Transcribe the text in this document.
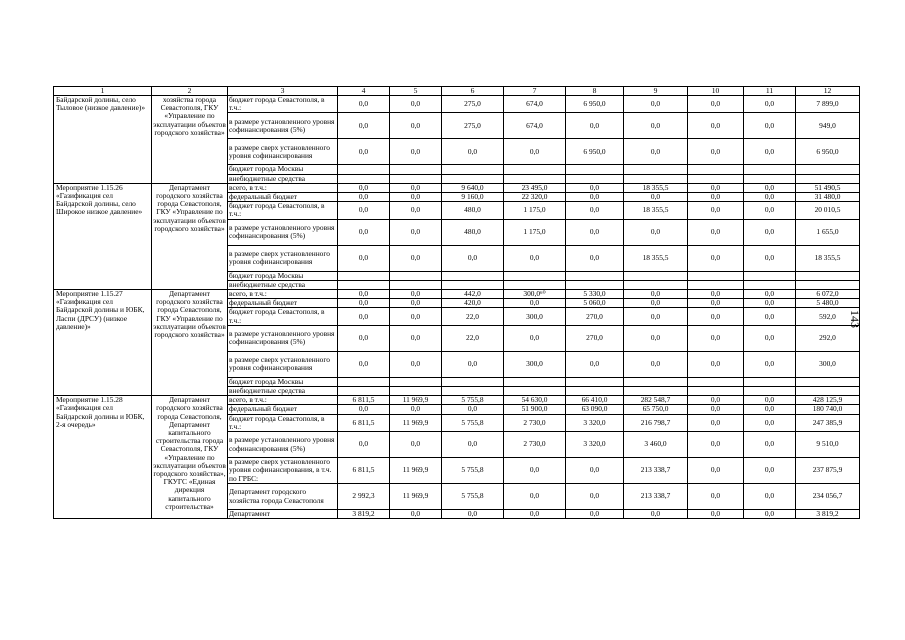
1	2	3	4	5	6	7	8	9	10	11	12
Байдарской долины, село Тыловое (низкое давление)»	хозяйства города Севастополя, ГКУ «Управление по эксплуатации объектов городского хозяйства»	бюджет города Севастополя, в т.ч.:	0,0	0,0	275,0	674,0	6 950,0	0,0	0,0	0,0	7 899,0
		в размере установленного уровня софинансирования (5%)	0,0	0,0	275,0	674,0	0,0	0,0	0,0	0,0	949,0
		в размере сверх установленного уровня софинансирования	0,0	0,0	0,0	0,0	6 950,0	0,0	0,0	0,0	6 950,0
		бюджет города Москвы									
		внебюджетные средства									
Мероприятие 1.15.26 «Газификация сел Байдарской долины, село Широкое низкое давление»	Департамент городского хозяйства города Севастополя, ГКУ «Управление по эксплуатации объектов городского хозяйства»	всего, в т.ч.:	0,0	0,0	9 640,0	23 495,0	0,0	18 355,5	0,0	0,0	51 490,5
		федеральный бюджет	0,0	0,0	9 160,0	22 320,0	0,0	0,0	0,0	0,0	31 480,0
		бюджет города Севастополя, в т.ч.:	0,0	0,0	480,0	1 175,0	0,0	18 355,5	0,0	0,0	20 010,5
		в размере установленного уровня софинансирования (5%)	0,0	0,0	480,0	1 175,0	0,0	0,0	0,0	0,0	1 655,0
		в размере сверх установленного уровня софинансирования	0,0	0,0	0,0	0,0	0,0	18 355,5	0,0	0,0	18 355,5
		бюджет города Москвы									
		внебюджетные средства									
Мероприятие 1.15.27 «Газификация сел Байдарской долины и ЮБК, Ласпи (ДРСУ) (низкое давление)»	Департамент городского хозяйства города Севастополя, ГКУ «Управление по эксплуатации объектов городского хозяйства»	всего, в т.ч.:	0,0	0,0	442,0	300,0⁶⁰	5 330,0	0,0	0,0	0,0	6 072,0
		федеральный бюджет	0,0	0,0	420,0	0,0	5 060,0	0,0	0,0	0,0	5 480,0
		бюджет города Севастополя, в т.ч.:	0,0	0,0	22,0	300,0	270,0	0,0	0,0	0,0	592,0
		в размере установленного уровня софинансирования (5%)	0,0	0,0	22,0	0,0	270,0	0,0	0,0	0,0	292,0
		в размере сверх установленного уровня софинансирования	0,0	0,0	0,0	300,0	0,0	0,0	0,0	0,0	300,0
		бюджет города Москвы									
		внебюджетные средства									
Мероприятие 1.15.28 «Газификация сел Байдарской долины и ЮБК, 2-я очередь»	Департамент городского хозяйства города Севастополя, Департамент капитального строительства города Севастополя, ГКУ «Управление по эксплуатации объектов городского хозяйства», ГКУГС «Единая дирекция капитального строительства»	всего, в т.ч.:	6 811,5	11 969,9	5 755,8	54 630,0	66 410,0	282 548,7	0,0	0,0	428 125,9
		федеральный бюджет	0,0	0,0	0,0	51 900,0	63 090,0	65 750,0	0,0	0,0	180 740,0
		бюджет города Севастополя, в т.ч.:	6 811,5	11 969,9	5 755,8	2 730,0	3 320,0	216 798,7	0,0	0,0	247 385,9
		в размере установленного уровня софинансирования (5%)	0,0	0,0	0,0	2 730,0	3 320,0	3 460,0	0,0	0,0	9 510,0
		в размере сверх установленного уровня софинансирования, в т.ч. по ГРБС:	6 811,5	11 969,9	5 755,8	0,0	0,0	213 338,7	0,0	0,0	237 875,9
		Департамент городского хозяйства города Севастополя	2 992,3	11 969,9	5 755,8	0,0	0,0	213 338,7	0,0	0,0	234 056,7
		Департамент	3 819,2	0,0	0,0	0,0	0,0	0,0	0,0	0,0	3 819,2
143
